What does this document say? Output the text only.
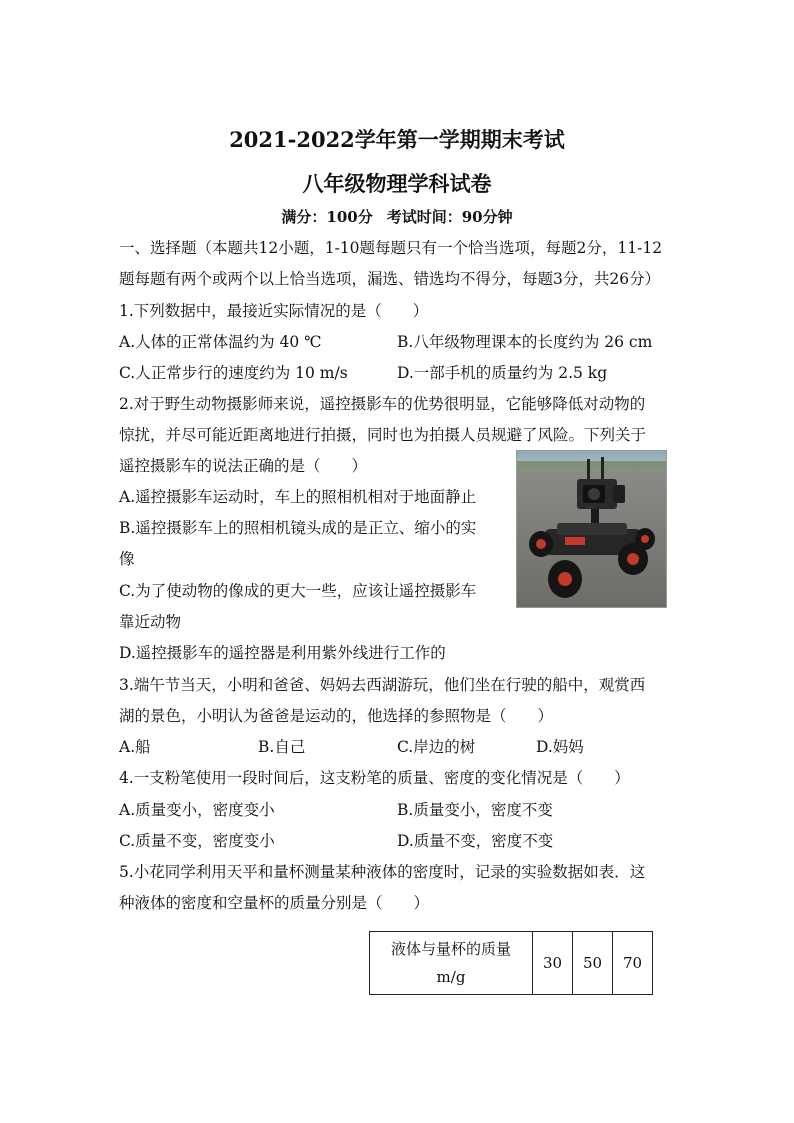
2021-2022学年第一学期期末考试
八年级物理学科试卷
满分：100分 考试时间：90分钟
一、选择题（本题共12小题，1-10题每题只有一个恰当选项，每题2分，11-12
题每题有两个或两个以上恰当选项，漏选、错选均不得分，每题3分，共26分）
1.下列数据中，最接近实际情况的是（　　）
A.人体的正常体温约为 40 ℃	B.八年级物理课本的长度约为 26 cm
C.人正常步行的速度约为 10 m/s	D.一部手机的质量约为 2.5 kg
2.对于野生动物摄影师来说，遥控摄影车的优势很明显，它能够降低对动物的
惊扰，并尽可能近距离地进行拍摄，同时也为拍摄人员规避了风险。下列关于
遥控摄影车的说法正确的是（　　）
A.遥控摄影车运动时，车上的照相机相对于地面静止
B.遥控摄影车上的照相机镜头成的是正立、缩小的实
像
C.为了使动物的像成的更大一些，应该让遥控摄影车
靠近动物
D.遥控摄影车的遥控器是利用紫外线进行工作的
3.端午节当天，小明和爸爸、妈妈去西湖游玩，他们坐在行驶的船中，观赏西
湖的景色，小明认为爸爸是运动的，他选择的参照物是（　　）
A.船	B.自己	C.岸边的树	D.妈妈
4.一支粉笔使用一段时间后，这支粉笔的质量、密度的变化情况是（　　）
A.质量变小，密度变小	B.质量变小，密度不变
C.质量不变，密度变小	D.质量不变，密度不变
5.小花同学利用天平和量杯测量某种液体的密度时，记录的实验数据如表．这
种液体的密度和空量杯的质量分别是（　　）
液体与量杯的质量
m/g
	30	50	70
